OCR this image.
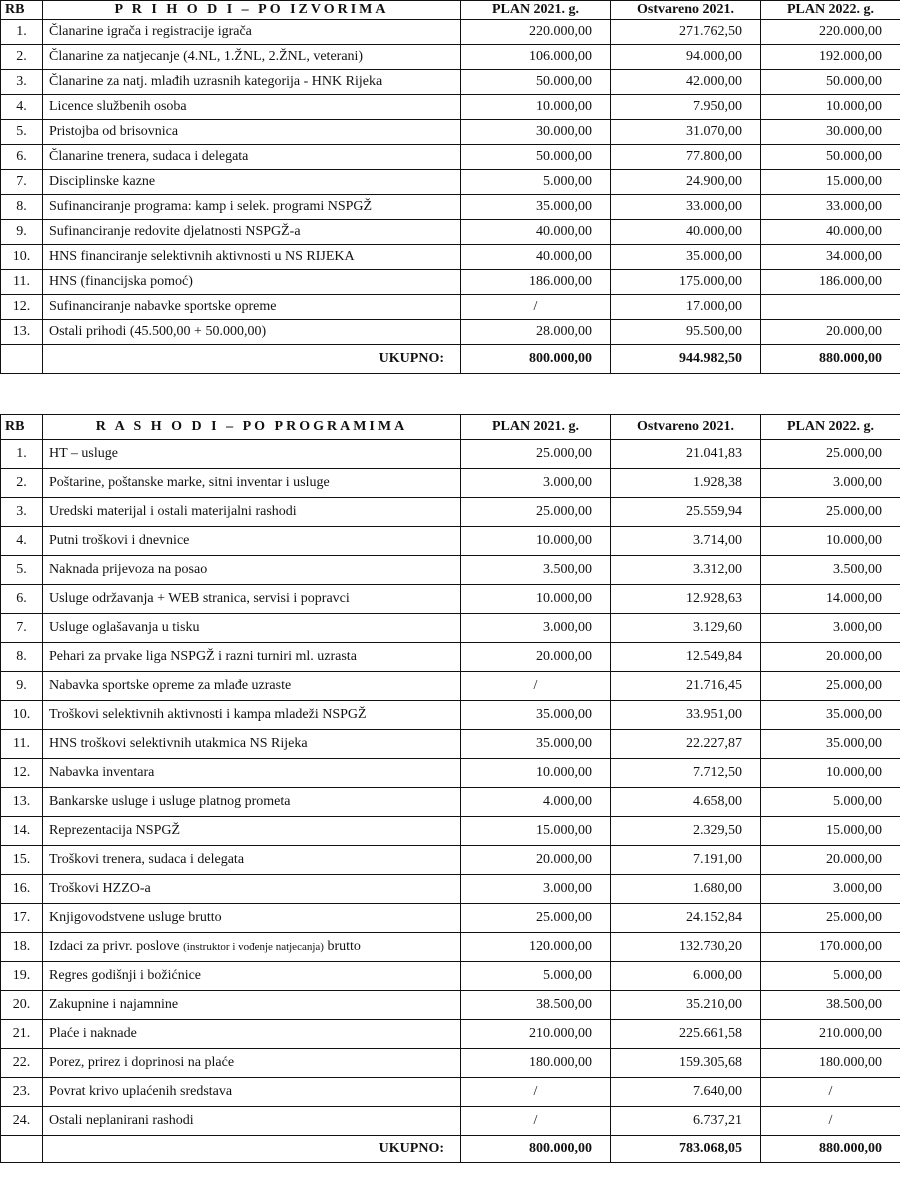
RB	P R I H O D I – PO IZVORIMA	PLAN 2021. g.	Ostvareno 2021.	PLAN 2022. g.
1.	Članarine igrača i registracije igrača	220.000,00	271.762,50	220.000,00
2.	Članarine za natjecanje (4.NL, 1.ŽNL, 2.ŽNL, veterani)	106.000,00	94.000,00	192.000,00
3.	Članarine za natj. mlađih uzrasnih kategorija - HNK Rijeka	50.000,00	42.000,00	50.000,00
4.	Licence službenih osoba	10.000,00	7.950,00	10.000,00
5.	Pristojba od brisovnica	30.000,00	31.070,00	30.000,00
6.	Članarine trenera, sudaca i delegata	50.000,00	77.800,00	50.000,00
7.	Disciplinske kazne	5.000,00	24.900,00	15.000,00
8.	Sufinanciranje programa: kamp i selek. programi NSPGŽ	35.000,00	33.000,00	33.000,00
9.	Sufinanciranje redovite djelatnosti NSPGŽ-a	40.000,00	40.000,00	40.000,00
10.	HNS financiranje selektivnih aktivnosti u NS RIJEKA	40.000,00	35.000,00	34.000,00
11.	HNS (financijska pomoć)	186.000,00	175.000,00	186.000,00
12.	Sufinanciranje nabavke sportske opreme	/	17.000,00	
13.	Ostali prihodi (45.500,00 + 50.000,00)	28.000,00	95.500,00	20.000,00
	UKUPNO:	800.000,00	944.982,50	880.000,00
RB	R A S H O D I – PO PROGRAMIMA	PLAN 2021. g.	Ostvareno 2021.	PLAN 2022. g.
1.	HT – usluge	25.000,00	21.041,83	25.000,00
2.	Poštarine, poštanske marke, sitni inventar i usluge	3.000,00	1.928,38	3.000,00
3.	Uredski materijal i ostali materijalni rashodi	25.000,00	25.559,94	25.000,00
4.	Putni troškovi i dnevnice	10.000,00	3.714,00	10.000,00
5.	Naknada prijevoza na posao	3.500,00	3.312,00	3.500,00
6.	Usluge održavanja + WEB stranica, servisi i popravci	10.000,00	12.928,63	14.000,00
7.	Usluge oglašavanja u tisku	3.000,00	3.129,60	3.000,00
8.	Pehari za prvake liga NSPGŽ i razni turniri ml. uzrasta	20.000,00	12.549,84	20.000,00
9.	Nabavka sportske opreme za mlađe uzraste	/	21.716,45	25.000,00
10.	Troškovi selektivnih aktivnosti i kampa mladeži NSPGŽ	35.000,00	33.951,00	35.000,00
11.	HNS troškovi selektivnih utakmica NS Rijeka	35.000,00	22.227,87	35.000,00
12.	Nabavka inventara	10.000,00	7.712,50	10.000,00
13.	Bankarske usluge i usluge platnog prometa	4.000,00	4.658,00	5.000,00
14.	Reprezentacija NSPGŽ	15.000,00	2.329,50	15.000,00
15.	Troškovi trenera, sudaca i delegata	20.000,00	7.191,00	20.000,00
16.	Troškovi HZZO-a	3.000,00	1.680,00	3.000,00
17.	Knjigovodstvene usluge brutto	25.000,00	24.152,84	25.000,00
18.	Izdaci za privr. poslove (instruktor i vođenje natjecanja) brutto	120.000,00	132.730,20	170.000,00
19.	Regres godišnji i božićnice	5.000,00	6.000,00	5.000,00
20.	Zakupnine i najamnine	38.500,00	35.210,00	38.500,00
21.	Plaće i naknade	210.000,00	225.661,58	210.000,00
22.	Porez, prirez i doprinosi na plaće	180.000,00	159.305,68	180.000,00
23.	Povrat krivo uplaćenih sredstava	/	7.640,00	/
24.	Ostali neplanirani rashodi	/	6.737,21	/
	UKUPNO:	800.000,00	783.068,05	880.000,00
